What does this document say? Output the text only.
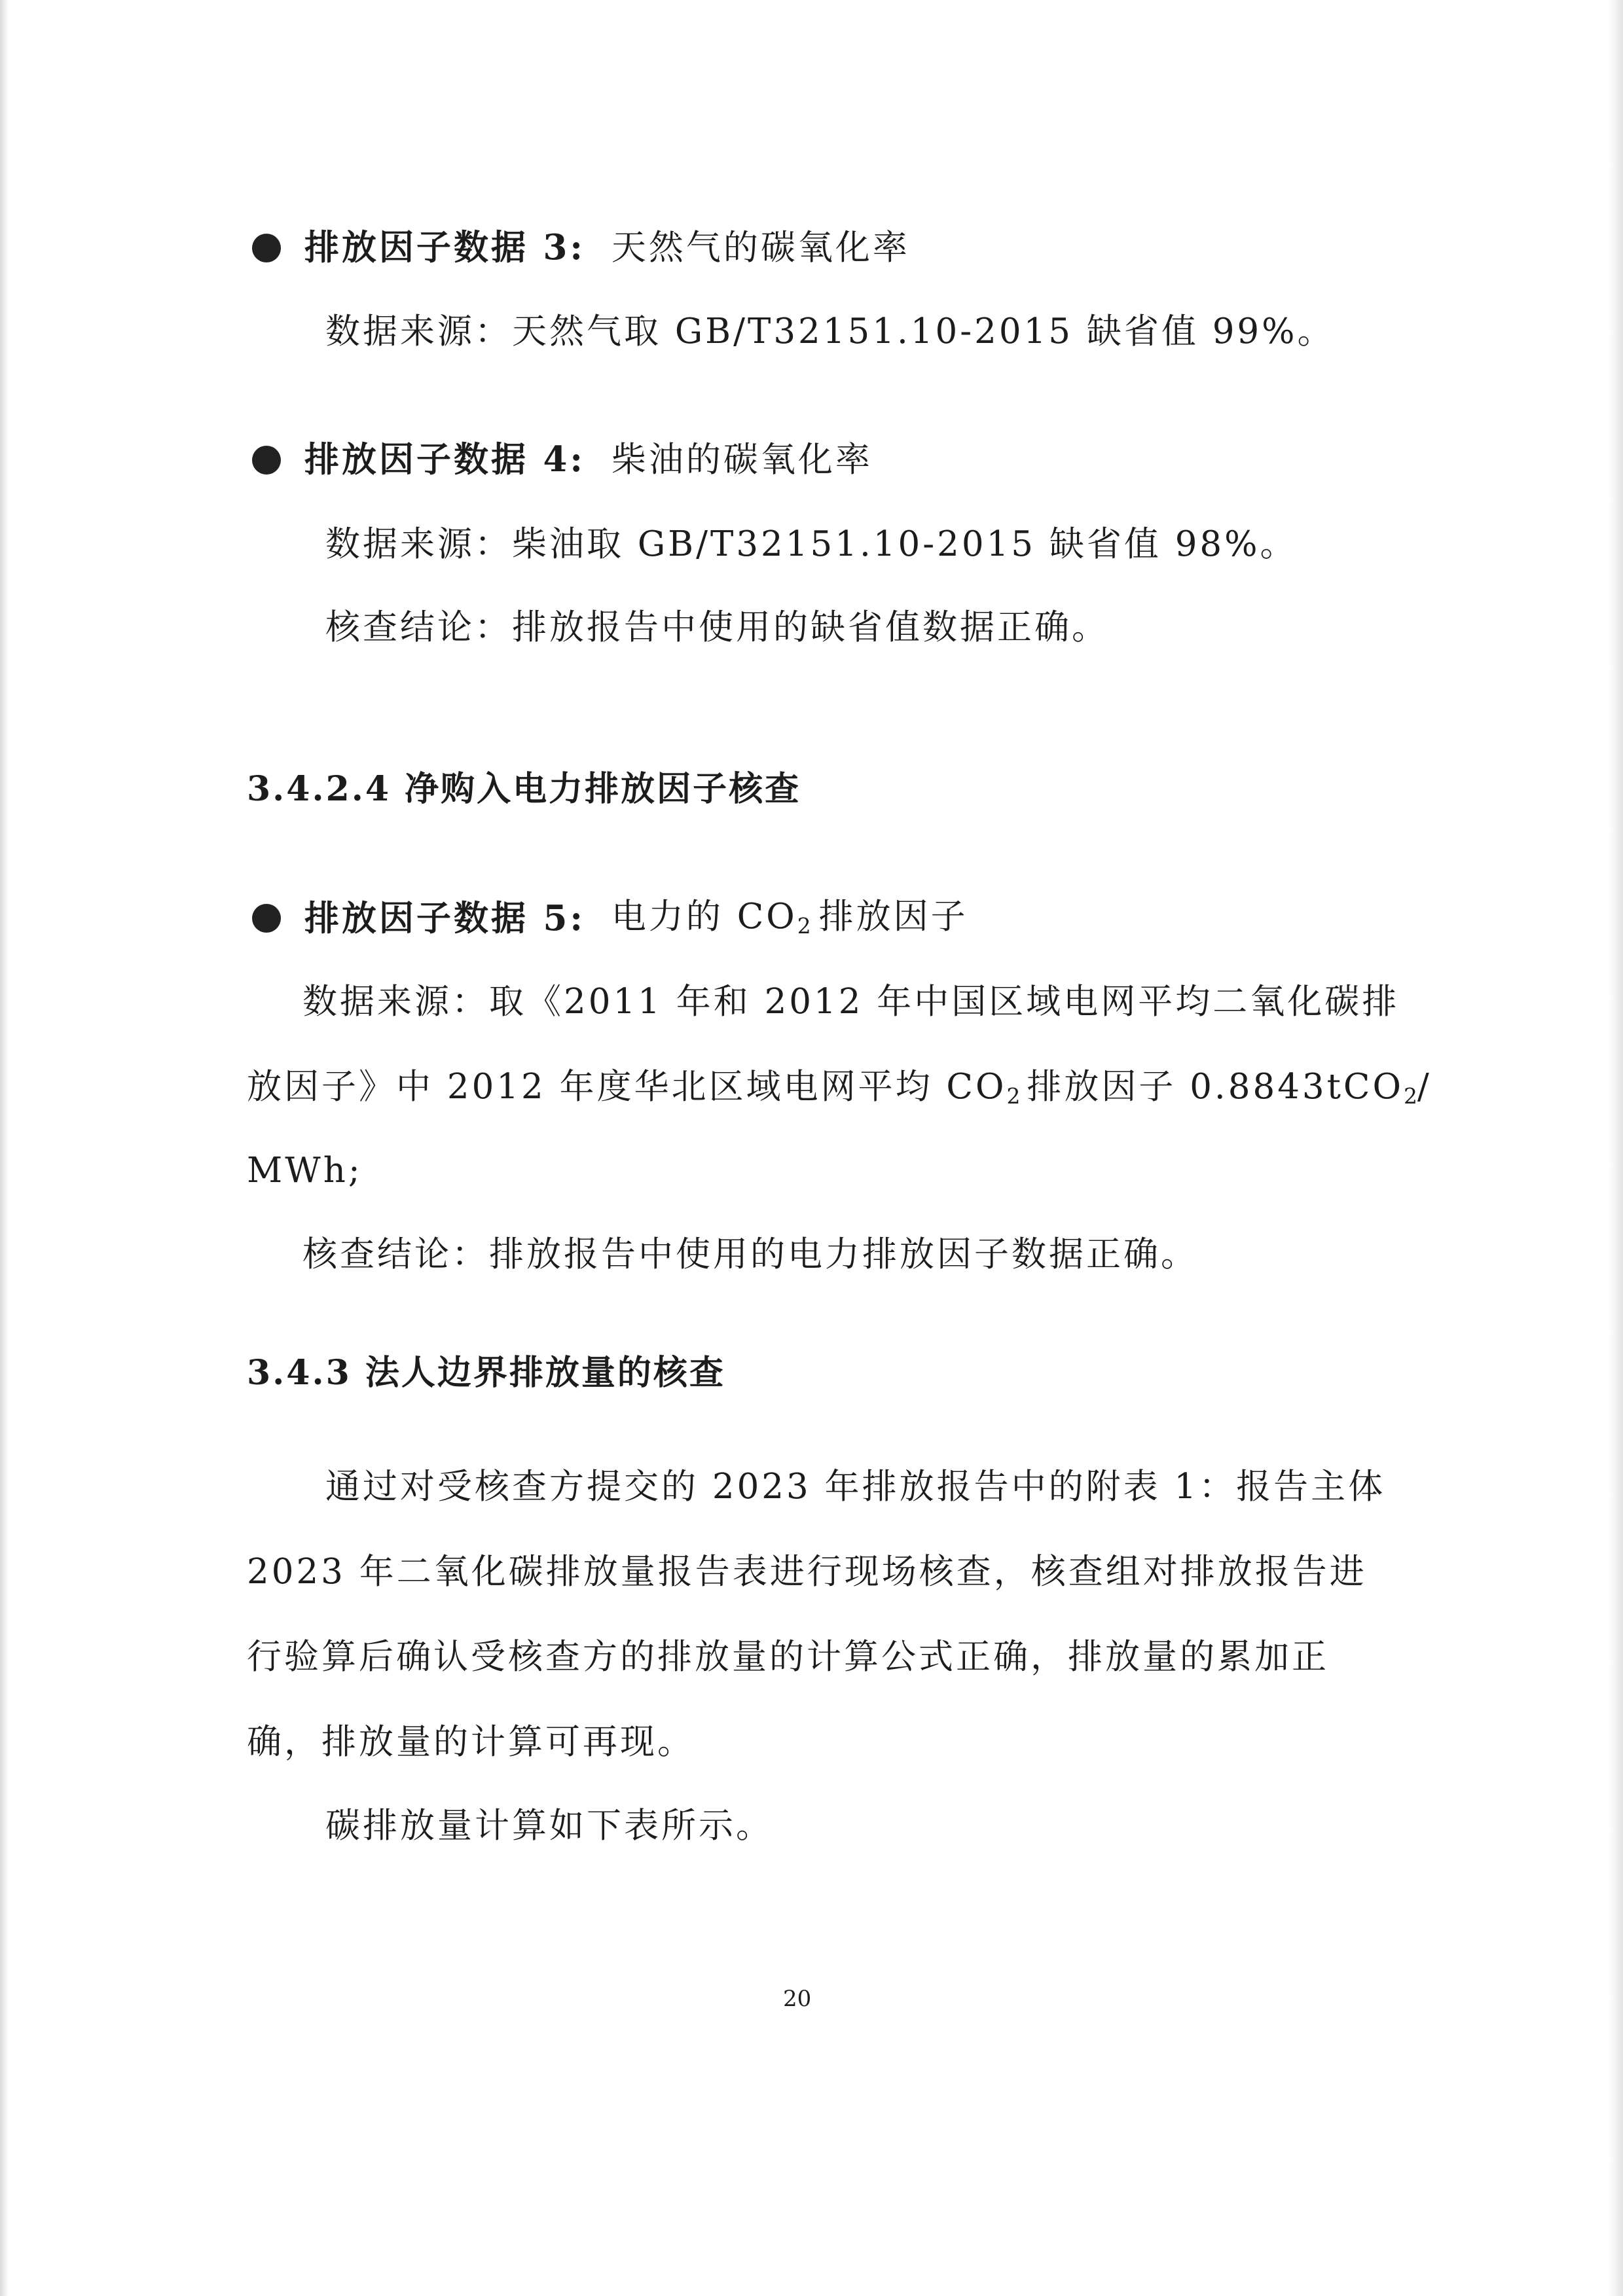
排放因子数据 3: 天然气的碳氧化率
数据来源：天然气取 GB/T32151.10-2015 缺省值 99%。
排放因子数据 4: 柴油的碳氧化率
数据来源：柴油取 GB/T32151.10-2015 缺省值 98%。
核查结论：排放报告中使用的缺省值数据正确。
3.4.2.4 净购入电力排放因子核查
排放因子数据 5: 电力的 $CO_2$ 排放因子
数据来源：取《2011 年和 2012 年中国区域电网平均二氧化碳排
放因子》中 2012 年度华北区域电网平均 $CO_2$ 排放因子 0.8843tCO$_2$/
MWh;
核查结论：排放报告中使用的电力排放因子数据正确。
3.4.3 法人边界排放量的核查
通过对受核查方提交的 2023 年排放报告中的附表 1：报告主体
2023 年二氧化碳排放量报告表进行现场核查，核查组对排放报告进
行验算后确认受核查方的排放量的计算公式正确，排放量的累加正
确，排放量的计算可再现。
碳排放量计算如下表所示。
20
